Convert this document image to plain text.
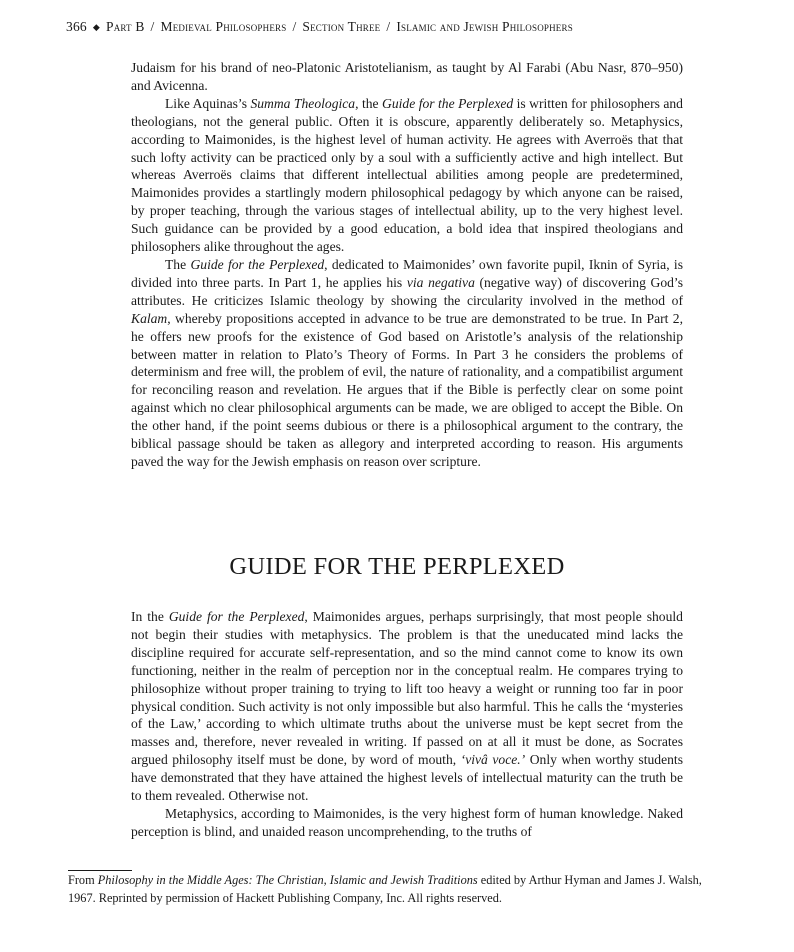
366 ◆ Part B / Medieval Philosophers / Section Three / Islamic and Jewish Philosophers

Judaism for his brand of neo-Platonic Aristotelianism, as taught by Al Farabi (Abu Nasr, 870–950) and Avicenna.

Like Aquinas’s Summa Theologica, the Guide for the Perplexed is written for philosophers and theologians, not the general public. Often it is obscure, apparently deliberately so. Metaphysics, according to Maimonides, is the highest level of human activity. He agrees with Averroës that that such lofty activity can be practiced only by a soul with a sufficiently active and high intellect. But whereas Averroës claims that different intellectual abilities among people are predetermined, Maimonides provides a startlingly modern philosophical pedagogy by which anyone can be raised, by proper teaching, through the various stages of intellectual ability, up to the very highest level. Such guidance can be provided by a good education, a bold idea that inspired theologians and philosophers alike throughout the ages.

The Guide for the Perplexed, dedicated to Maimonides’ own favorite pupil, Iknin of Syria, is divided into three parts. In Part 1, he applies his via negativa (negative way) of discovering God’s attributes. He criticizes Islamic theology by showing the circularity involved in the method of Kalam, whereby propositions accepted in advance to be true are demonstrated to be true. In Part 2, he offers new proofs for the existence of God based on Aristotle’s analysis of the relationship between matter in relation to Plato’s Theory of Forms. In Part 3 he considers the problems of determinism and free will, the problem of evil, the nature of rationality, and a compatibilist argument for reconciling reason and revelation. He argues that if the Bible is perfectly clear on some point against which no clear philosophical arguments can be made, we are obliged to accept the Bible. On the other hand, if the point seems dubious or there is a philosophical argument to the contrary, the biblical passage should be taken as allegory and interpreted according to reason. His arguments paved the way for the Jewish emphasis on reason over scripture.

GUIDE FOR THE PERPLEXED

In the Guide for the Perplexed, Maimonides argues, perhaps surprisingly, that most people should not begin their studies with metaphysics. The problem is that the uneducated mind lacks the discipline required for accurate self-representation, and so the mind cannot come to know its own functioning, neither in the realm of perception nor in the conceptual realm. He compares trying to philosophize without proper training to trying to lift too heavy a weight or running too far in poor physical condition. Such activity is not only impossible but also harmful. This he calls the ‘mysteries of the Law,’ according to which ultimate truths about the universe must be kept secret from the masses and, therefore, never revealed in writing. If passed on at all it must be done, as Socrates argued philosophy itself must be done, by word of mouth, ‘vivâ voce.’ Only when worthy students have demonstrated that they have attained the highest levels of intellectual maturity can the truth be to them revealed. Otherwise not.

Metaphysics, according to Maimonides, is the very highest form of human knowledge. Naked perception is blind, and unaided reason uncomprehending, to the truths of

From Philosophy in the Middle Ages: The Christian, Islamic and Jewish Traditions edited by Arthur Hyman and James J. Walsh, 1967. Reprinted by permission of Hackett Publishing Company, Inc. All rights reserved.
